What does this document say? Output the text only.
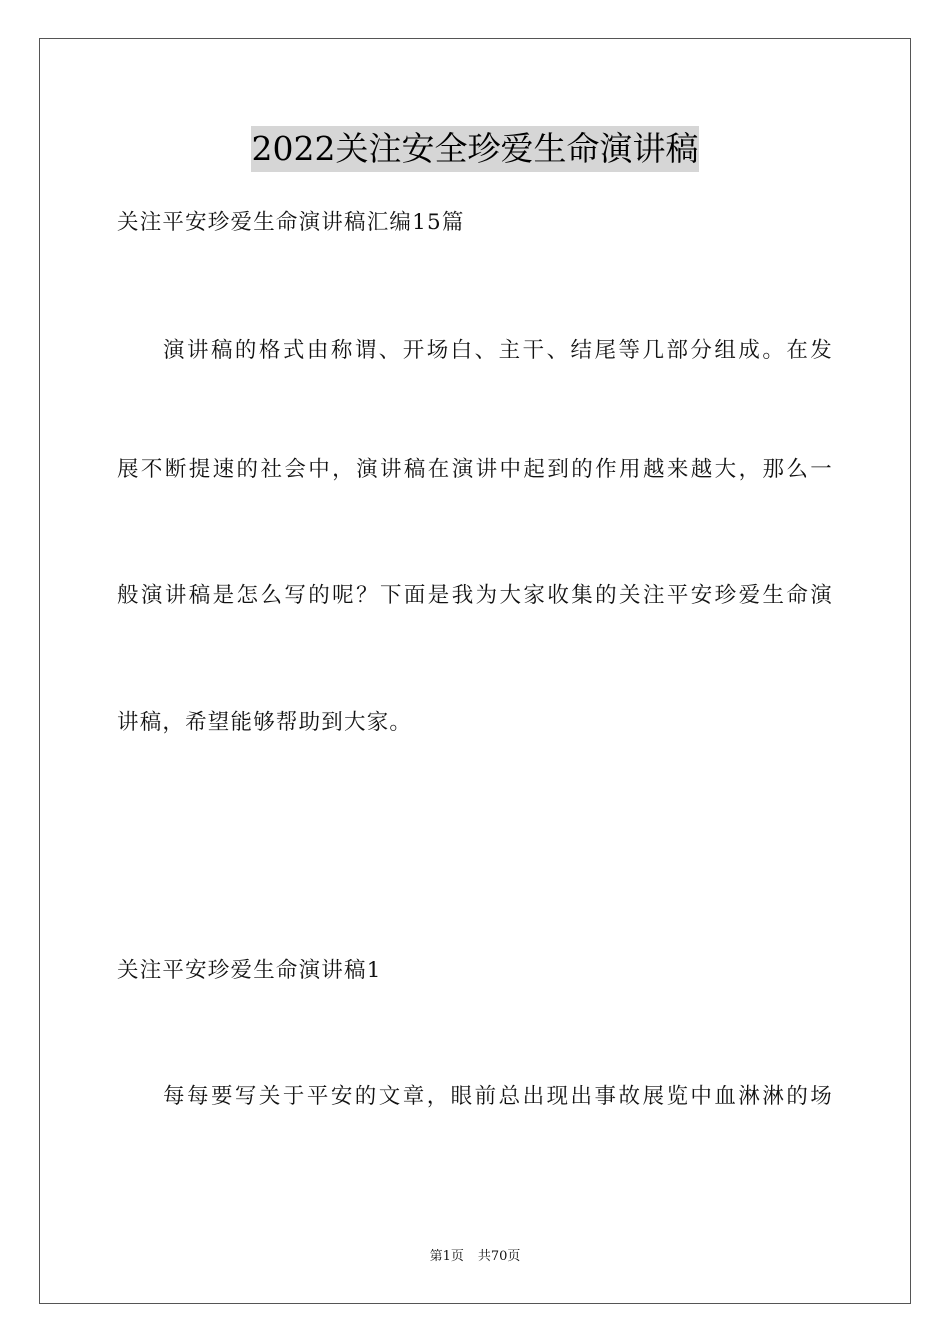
2022关注安全珍爱生命演讲稿
关注平安珍爱生命演讲稿汇编15篇
演讲稿的格式由称谓、开场白、主干、结尾等几部分组成。在发
展不断提速的社会中，演讲稿在演讲中起到的作用越来越大，那么一
般演讲稿是怎么写的呢？下面是我为大家收集的关注平安珍爱生命演
讲稿，希望能够帮助到大家。
关注平安珍爱生命演讲稿1
每每要写关于平安的文章，眼前总出现出事故展览中血淋淋的场
第1页 共70页
